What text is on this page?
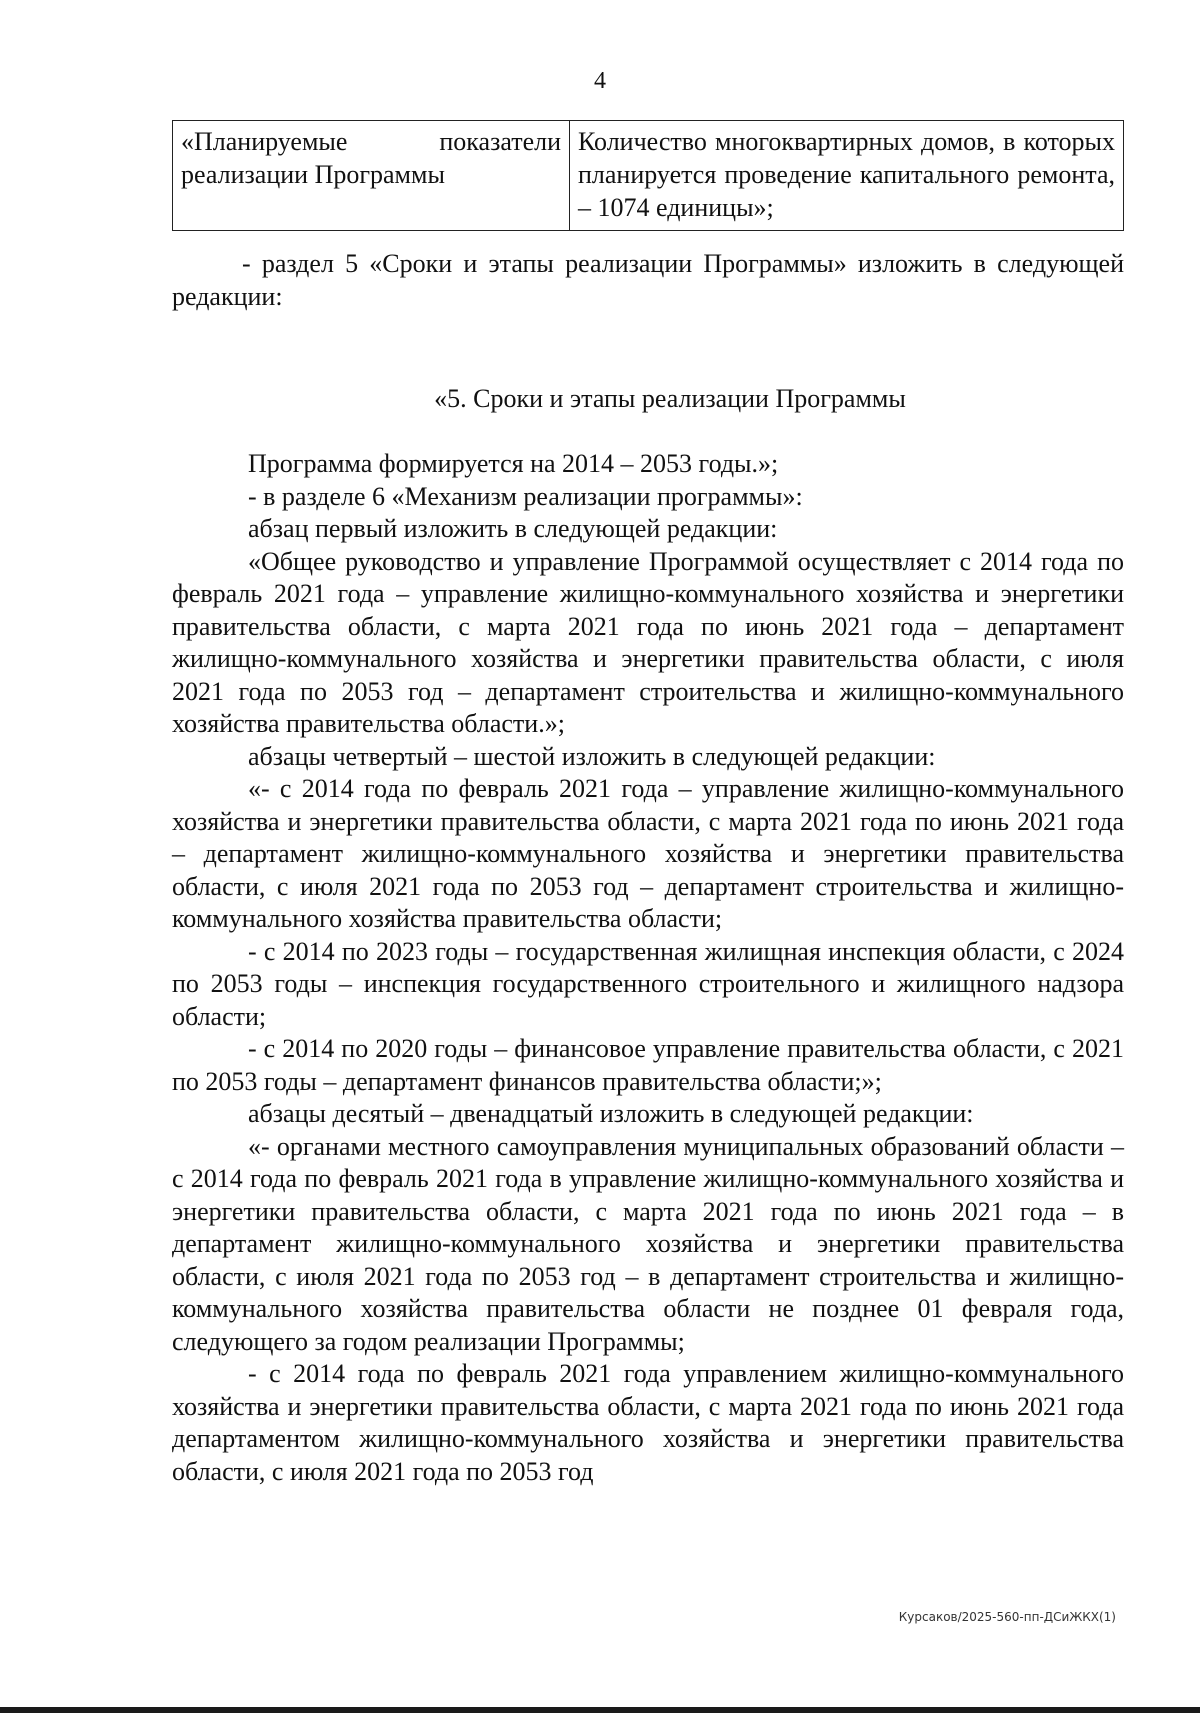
4
«Планируемые показатели реализации Программы	Количество многоквартирных домов, в которых планируется проведение капитального ремонта, – 1074 единицы»;

- раздел 5 «Сроки и этапы реализации Программы» изложить в следующей редакции:

«5. Сроки и этапы реализации Программы

Программа формируется на 2014 – 2053 годы.»;

- в разделе 6 «Механизм реализации программы»:

абзац первый изложить в следующей редакции:

«Общее руководство и управление Программой осуществляет с 2014 года по февраль 2021 года – управление жилищно-коммунального хозяйства и энергетики правительства области, с марта 2021 года по июнь 2021 года – департамент жилищно-коммунального хозяйства и энергетики правительства области, с июля 2021 года по 2053 год – департамент строительства и жилищно-коммунального хозяйства правительства области.»;

абзацы четвертый – шестой изложить в следующей редакции:

«- с 2014 года по февраль 2021 года – управление жилищно-коммунального хозяйства и энергетики правительства области, с марта 2021 года по июнь 2021 года – департамент жилищно-коммунального хозяйства и энергетики правительства области, с июля 2021 года по 2053 год – департамент строительства и жилищно-коммунального хозяйства правительства области;

- с 2014 по 2023 годы – государственная жилищная инспекция области, с 2024 по 2053 годы – инспекция государственного строительного и жилищного надзора области;

- с 2014 по 2020 годы – финансовое управление правительства области, с 2021 по 2053 годы – департамент финансов правительства области;»;

абзацы десятый – двенадцатый изложить в следующей редакции:

«- органами местного самоуправления муниципальных образований области – с 2014 года по февраль 2021 года в управление жилищно-коммунального хозяйства и энергетики правительства области, с марта 2021 года по июнь 2021 года – в департамент жилищно-коммунального хозяйства и энергетики правительства области, с июля 2021 года по 2053 год – в департамент строительства и жилищно-коммунального хозяйства правительства области не позднее 01 февраля года, следующего за годом реализации Программы;

- с 2014 года по февраль 2021 года управлением жилищно-коммунального хозяйства и энергетики правительства области, с марта 2021 года по июнь 2021 года департаментом жилищно-коммунального хозяйства и энергетики правительства области, с июля 2021 года по 2053 год

Курсаков/2025-560-пп-ДСиЖКХ(1)
